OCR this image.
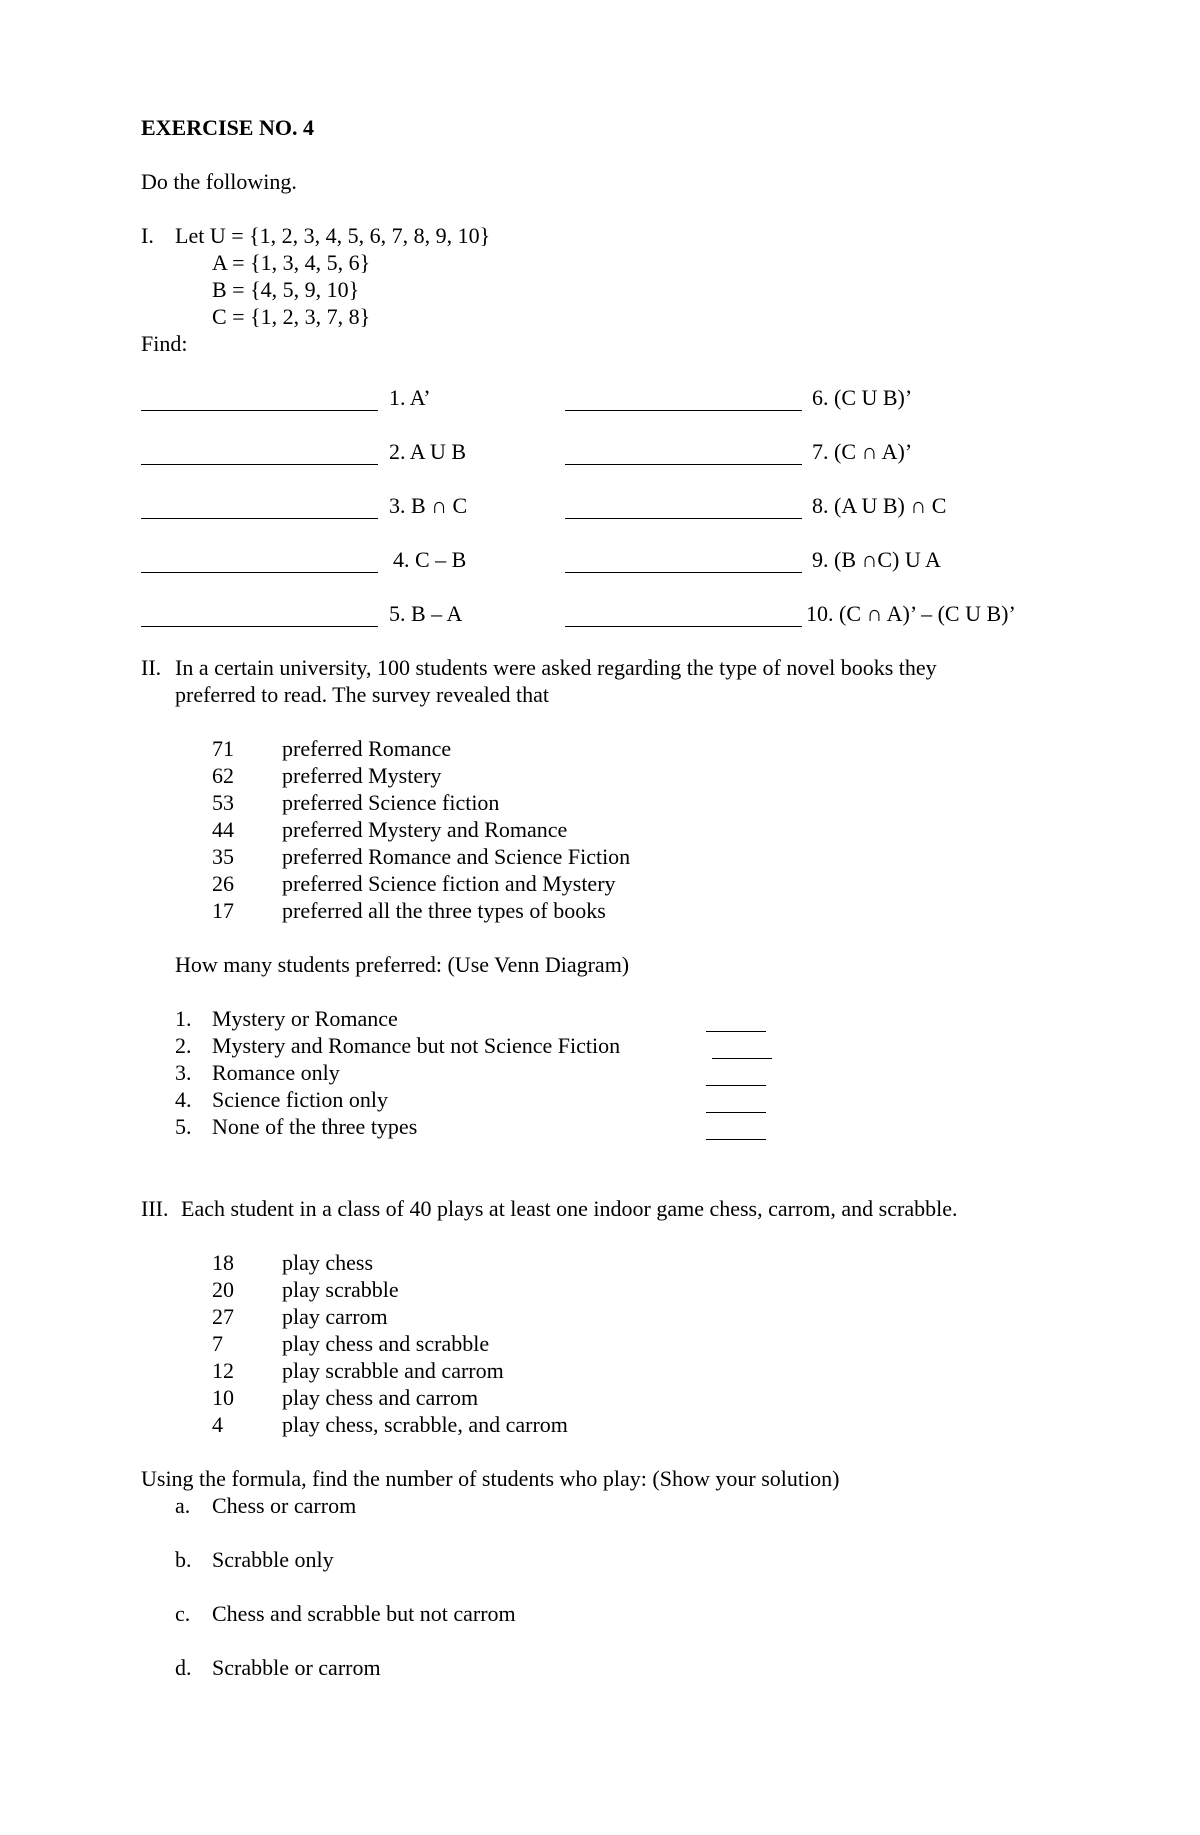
EXERCISE NO. 4
Do the following.
I. Let U = {1, 2, 3, 4, 5, 6, 7, 8, 9, 10}
A = {1, 3, 4, 5, 6}
B = {4, 5, 9, 10}
C = {1, 2, 3, 7, 8}
Find:
1. A’	6. (C U B)’
2. A U B	7. (C ∩ A)’
3. B ∩ C	8. (A U B) ∩ C
4. C – B	9. (B ∩C) U A
5. B – A	10. (C ∩ A)’ – (C U B)’
II. In a certain university, 100 students were asked regarding the type of novel books they
preferred to read. The survey revealed that
71 preferred Romance
62 preferred Mystery
53 preferred Science fiction
44 preferred Mystery and Romance
35 preferred Romance and Science Fiction
26 preferred Science fiction and Mystery
17 preferred all the three types of books
How many students preferred: (Use Venn Diagram)
1. Mystery or Romance
2. Mystery and Romance but not Science Fiction
3. Romance only
4. Science fiction only
5. None of the three types
III. Each student in a class of 40 plays at least one indoor game chess, carrom, and scrabble.
18 play chess
20 play scrabble
27 play carrom
7	play chess and scrabble
12 play scrabble and carrom
10 play chess and carrom
4	play chess, scrabble, and carrom
Using the formula, find the number of students who play: (Show your solution)
a. Chess or carrom
b. Scrabble only
c. Chess and scrabble but not carrom
d. Scrabble or carrom
